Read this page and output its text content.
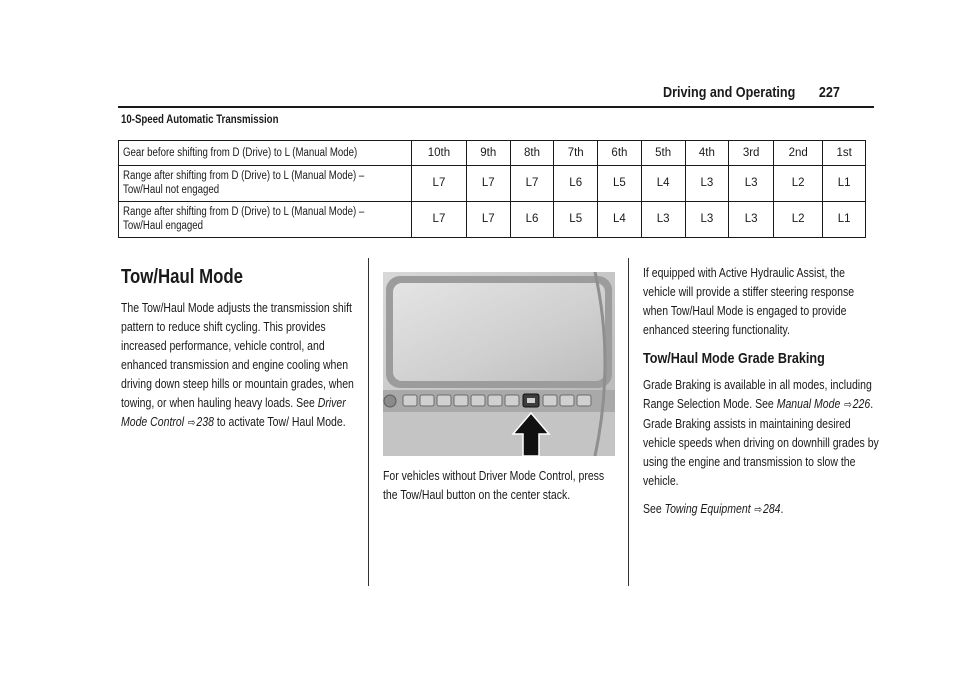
Driving and Operating 227
10-Speed Automatic Transmission
Gear before shifting from D (Drive) to L (Manual Mode)	10th	9th	8th	7th	6th	5th	4th	3rd	2nd	1st

Range after shifting from D (Drive) to L (Manual Mode) – Tow/Haul not engaged	L7	L7	L7	L6	L5	L4	L3	L3	L2	L1

Range after shifting from D (Drive) to L (Manual Mode) – Tow/Haul engaged	L7	L7	L6	L5	L4	L3	L3	L3	L2	L1
Tow/Haul Mode

The Tow/Haul Mode adjusts the transmission shift pattern to reduce shift cycling. This provides increased performance, vehicle control, and enhanced transmission and engine cooling when driving down steep hills or mountain grades, when towing, or when hauling heavy loads. See Driver Mode Control ⇨238 to activate Tow/ Haul Mode.

For vehicles without Driver Mode Control, press the Tow/Haul button on the center stack.

If equipped with Active Hydraulic Assist, the vehicle will provide a stiffer steering response when Tow/Haul Mode is engaged to provide enhanced steering functionality.

Tow/Haul Mode Grade Braking

Grade Braking is available in all modes, including Range Selection Mode. See Manual Mode ⇨226. Grade Braking assists in maintaining desired vehicle speeds when driving on downhill grades by using the engine and transmission to slow the vehicle.

See Towing Equipment ⇨284.
